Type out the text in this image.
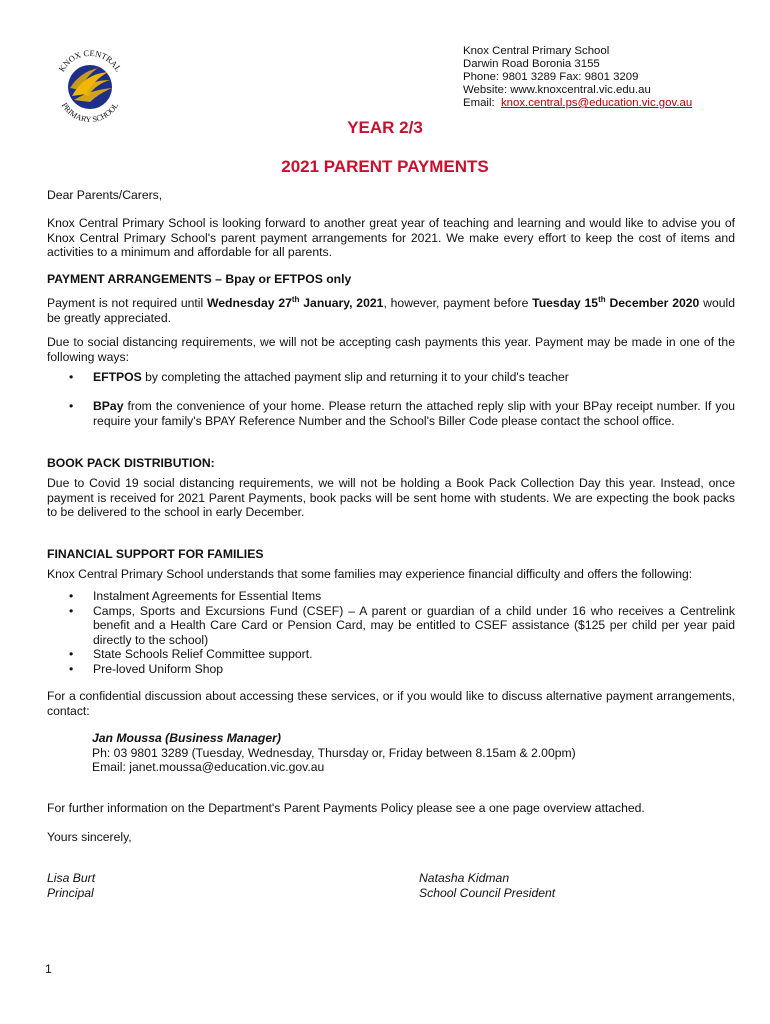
KNOX CENTRAL
PRIMARY SCHOOL
Knox Central Primary School
Darwin Road Boronia 3155
Phone: 9801 3289 Fax: 9801 3209
Website: www.knoxcentral.vic.edu.au
Email:  knox.central.ps@education.vic.gov.au
YEAR 2/3
2021 PARENT PAYMENTS

Dear Parents/Carers,

Knox Central Primary School is looking forward to another great year of teaching and learning and would like to advise you of Knox Central Primary School's parent payment arrangements for 2021. We make every effort to keep the cost of items and activities to a minimum and affordable for all parents.

PAYMENT ARRANGEMENTS – Bpay or EFTPOS only

Payment is not required until Wednesday 27th January, 2021, however, payment before Tuesday 15th December 2020 would be greatly appreciated.

Due to social distancing requirements, we will not be accepting cash payments this year. Payment may be made in one of the following ways:

• EFTPOS by completing the attached payment slip and returning it to your child's teacher
• BPay from the convenience of your home. Please return the attached reply slip with your BPay receipt number. If you require your family's BPAY Reference Number and the School's Biller Code please contact the school office.

BOOK PACK DISTRIBUTION:

Due to Covid 19 social distancing requirements, we will not be holding a Book Pack Collection Day this year. Instead, once payment is received for 2021 Parent Payments, book packs will be sent home with students. We are expecting the book packs to be delivered to the school in early December.

FINANCIAL SUPPORT FOR FAMILIES

Knox Central Primary School understands that some families may experience financial difficulty and offers the following:

• Instalment Agreements for Essential Items
• Camps, Sports and Excursions Fund (CSEF) – A parent or guardian of a child under 16 who receives a Centrelink benefit and a Health Care Card or Pension Card, may be entitled to CSEF assistance ($125 per child per year paid directly to the school)
• State Schools Relief Committee support.
• Pre-loved Uniform Shop

For a confidential discussion about accessing these services, or if you would like to discuss alternative payment arrangements, contact:

Jan Moussa (Business Manager)
Ph: 03 9801 3289 (Tuesday, Wednesday, Thursday or, Friday between 8.15am & 2.00pm)
Email: janet.moussa@education.vic.gov.au

For further information on the Department's Parent Payments Policy please see a one page overview attached.

Yours sincerely,

Lisa Burt
Principal
Natasha Kidman
School Council President
1
